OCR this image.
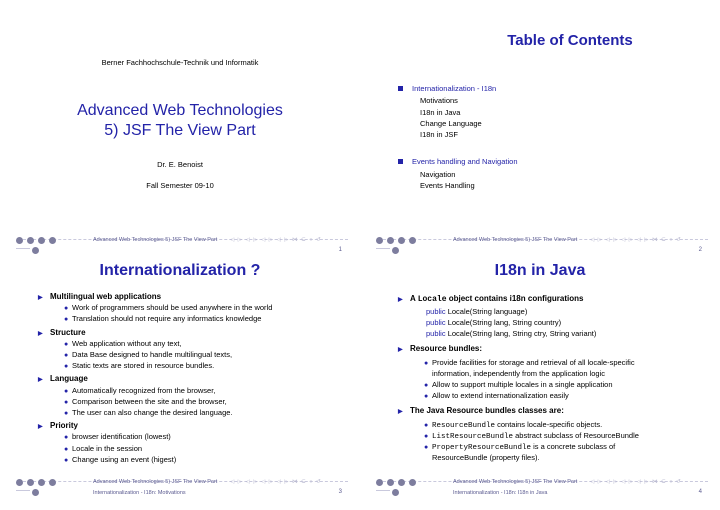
Berner Fachhochschule-Technik und Informatik
Advanced Web Technologies
5) JSF The View Part
Dr. E. Benoist
Fall Semester 09-10
Advanced Web Technologies 5) JSF The View Part ◁ ▷ ◁ ▷ ◁ ▷ ◁ ▷ ⋈ ⊆ ○ ↺
1
Table of Contents
Internationalization - I18n
Motivations
I18n in Java
Change Language
I18n in JSF
Events handling and Navigation
Navigation
Events Handling
Advanced Web Technologies 5) JSF The View Part ◁ ▷ ◁ ▷ ◁ ▷ ◁ ▷ ⋈ ⊆ ○ ↺
2
Internationalization ?
▶ Multilingual web applications
● Work of programmers should be used anywhere in the world
● Translation should not require any informatics knowledge
▶ Structure
● Web application without any text,
● Data Base designed to handle multilingual texts,
● Static texts are stored in resource bundles.
▶ Language
● Automatically recognized from the browser,
● Comparison between the site and the browser,
● The user can also change the desired language.
▶ Priority
● browser identification (lowest)
● Locale in the session
● Change using an event (higest)
Advanced Web Technologies 5) JSF The View Part ◁ ▷ ◁ ▷ ◁ ▷ ◁ ▷ ⋈ ⊆ ○ ↺
Internationalization - I18n: Motivations	3
I18n in Java
▶ A Locale object contains i18n configurations
public Locale(String language)
public Locale(String lang, String country)
public Locale(String lang, String ctry, String variant)
▶ Resource bundles:
● Provide facilities for storage and retrieval of all locale-specific
information, independently from the application logic
● Allow to support multiple locales in a single application
● Allow to extend internationalization easily
▶ The Java Resource bundles classes are:
● ResourceBundle contains locale-specific objects.
● ListResourceBundle abstract subclass of ResourceBundle
● PropertyResourceBundle is a concrete subclass of
ResourceBundle (property files).
Advanced Web Technologies 5) JSF The View Part ◁ ▷ ◁ ▷ ◁ ▷ ◁ ▷ ⋈ ⊆ ○ ↺
Internationalization - I18n: I18n in Java	4
